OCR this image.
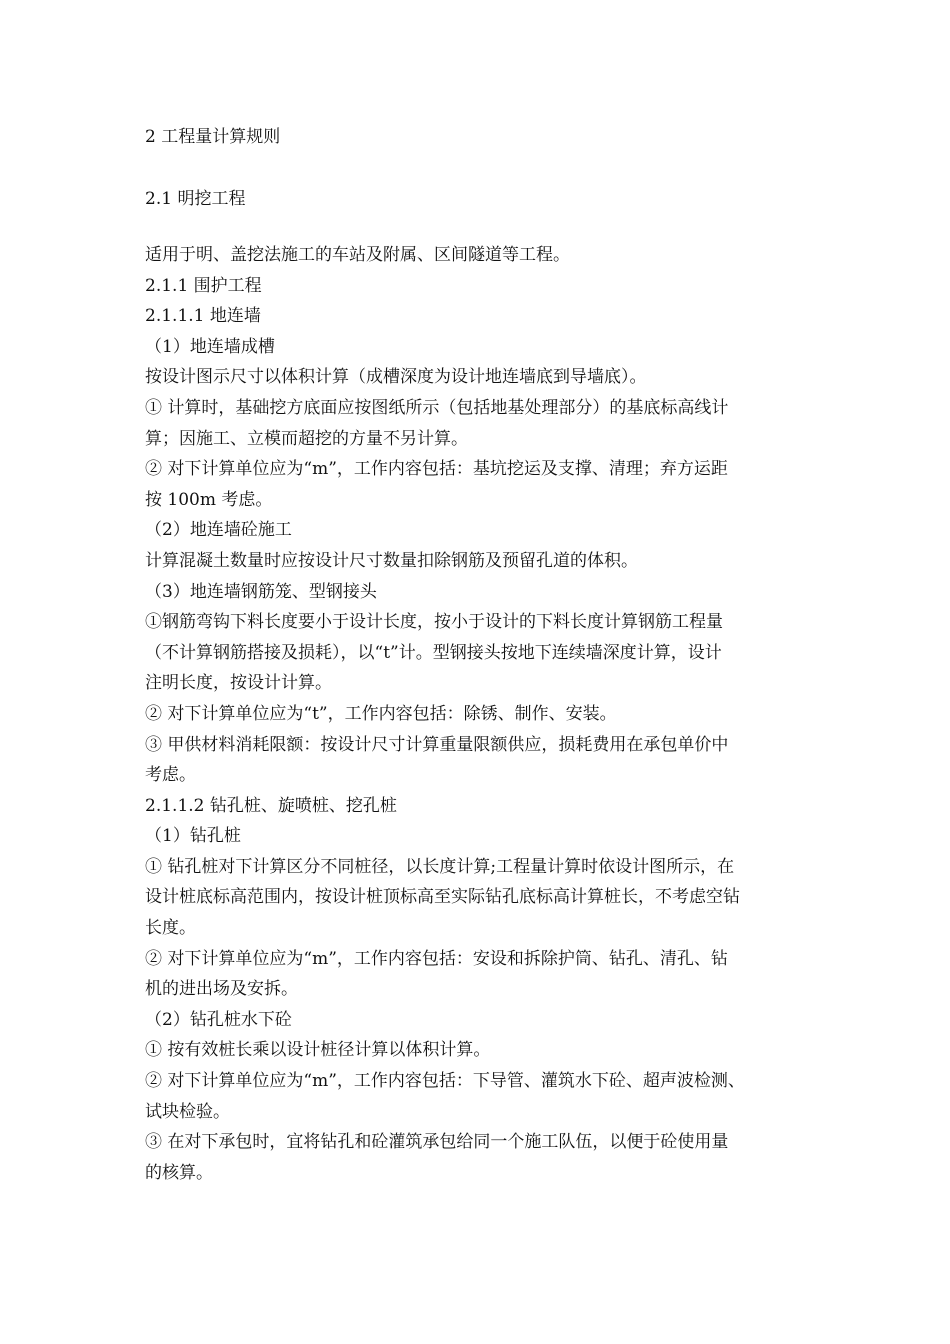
2 工程量计算规则
2.1 明挖工程

适用于明、盖挖法施工的车站及附属、区间隧道等工程。

2.1.1 围护工程

2.1.1.1 地连墙

（1）地连墙成槽

按设计图示尺寸以体积计算（成槽深度为设计地连墙底到导墙底）。

① 计算时，基础挖方底面应按图纸所示（包括地基处理部分）的基底标高线计

算；因施工、立模而超挖的方量不另计算。

② 对下计算单位应为“m”，工作内容包括：基坑挖运及支撑、清理；弃方运距

按 100m 考虑。

（2）地连墙砼施工

计算混凝土数量时应按设计尺寸数量扣除钢筋及预留孔道的体积。

（3）地连墙钢筋笼、型钢接头

①钢筋弯钩下料长度要小于设计长度，按小于设计的下料长度计算钢筋工程量

（不计算钢筋搭接及损耗），以“t”计。型钢接头按地下连续墙深度计算，设计

注明长度，按设计计算。

② 对下计算单位应为“t”，工作内容包括：除锈、制作、安装。

③ 甲供材料消耗限额：按设计尺寸计算重量限额供应，损耗费用在承包单价中

考虑。

2.1.1.2 钻孔桩、旋喷桩、挖孔桩

（1）钻孔桩

① 钻孔桩对下计算区分不同桩径，以长度计算;工程量计算时依设计图所示，在

设计桩底标高范围内，按设计桩顶标高至实际钻孔底标高计算桩长，不考虑空钻

长度。

② 对下计算单位应为“m”，工作内容包括：安设和拆除护筒、钻孔、清孔、钻

机的进出场及安拆。

（2）钻孔桩水下砼

① 按有效桩长乘以设计桩径计算以体积计算。

② 对下计算单位应为“m”，工作内容包括：下导管、灌筑水下砼、超声波检测、

试块检验。

③ 在对下承包时，宜将钻孔和砼灌筑承包给同一个施工队伍，以便于砼使用量

的核算。
